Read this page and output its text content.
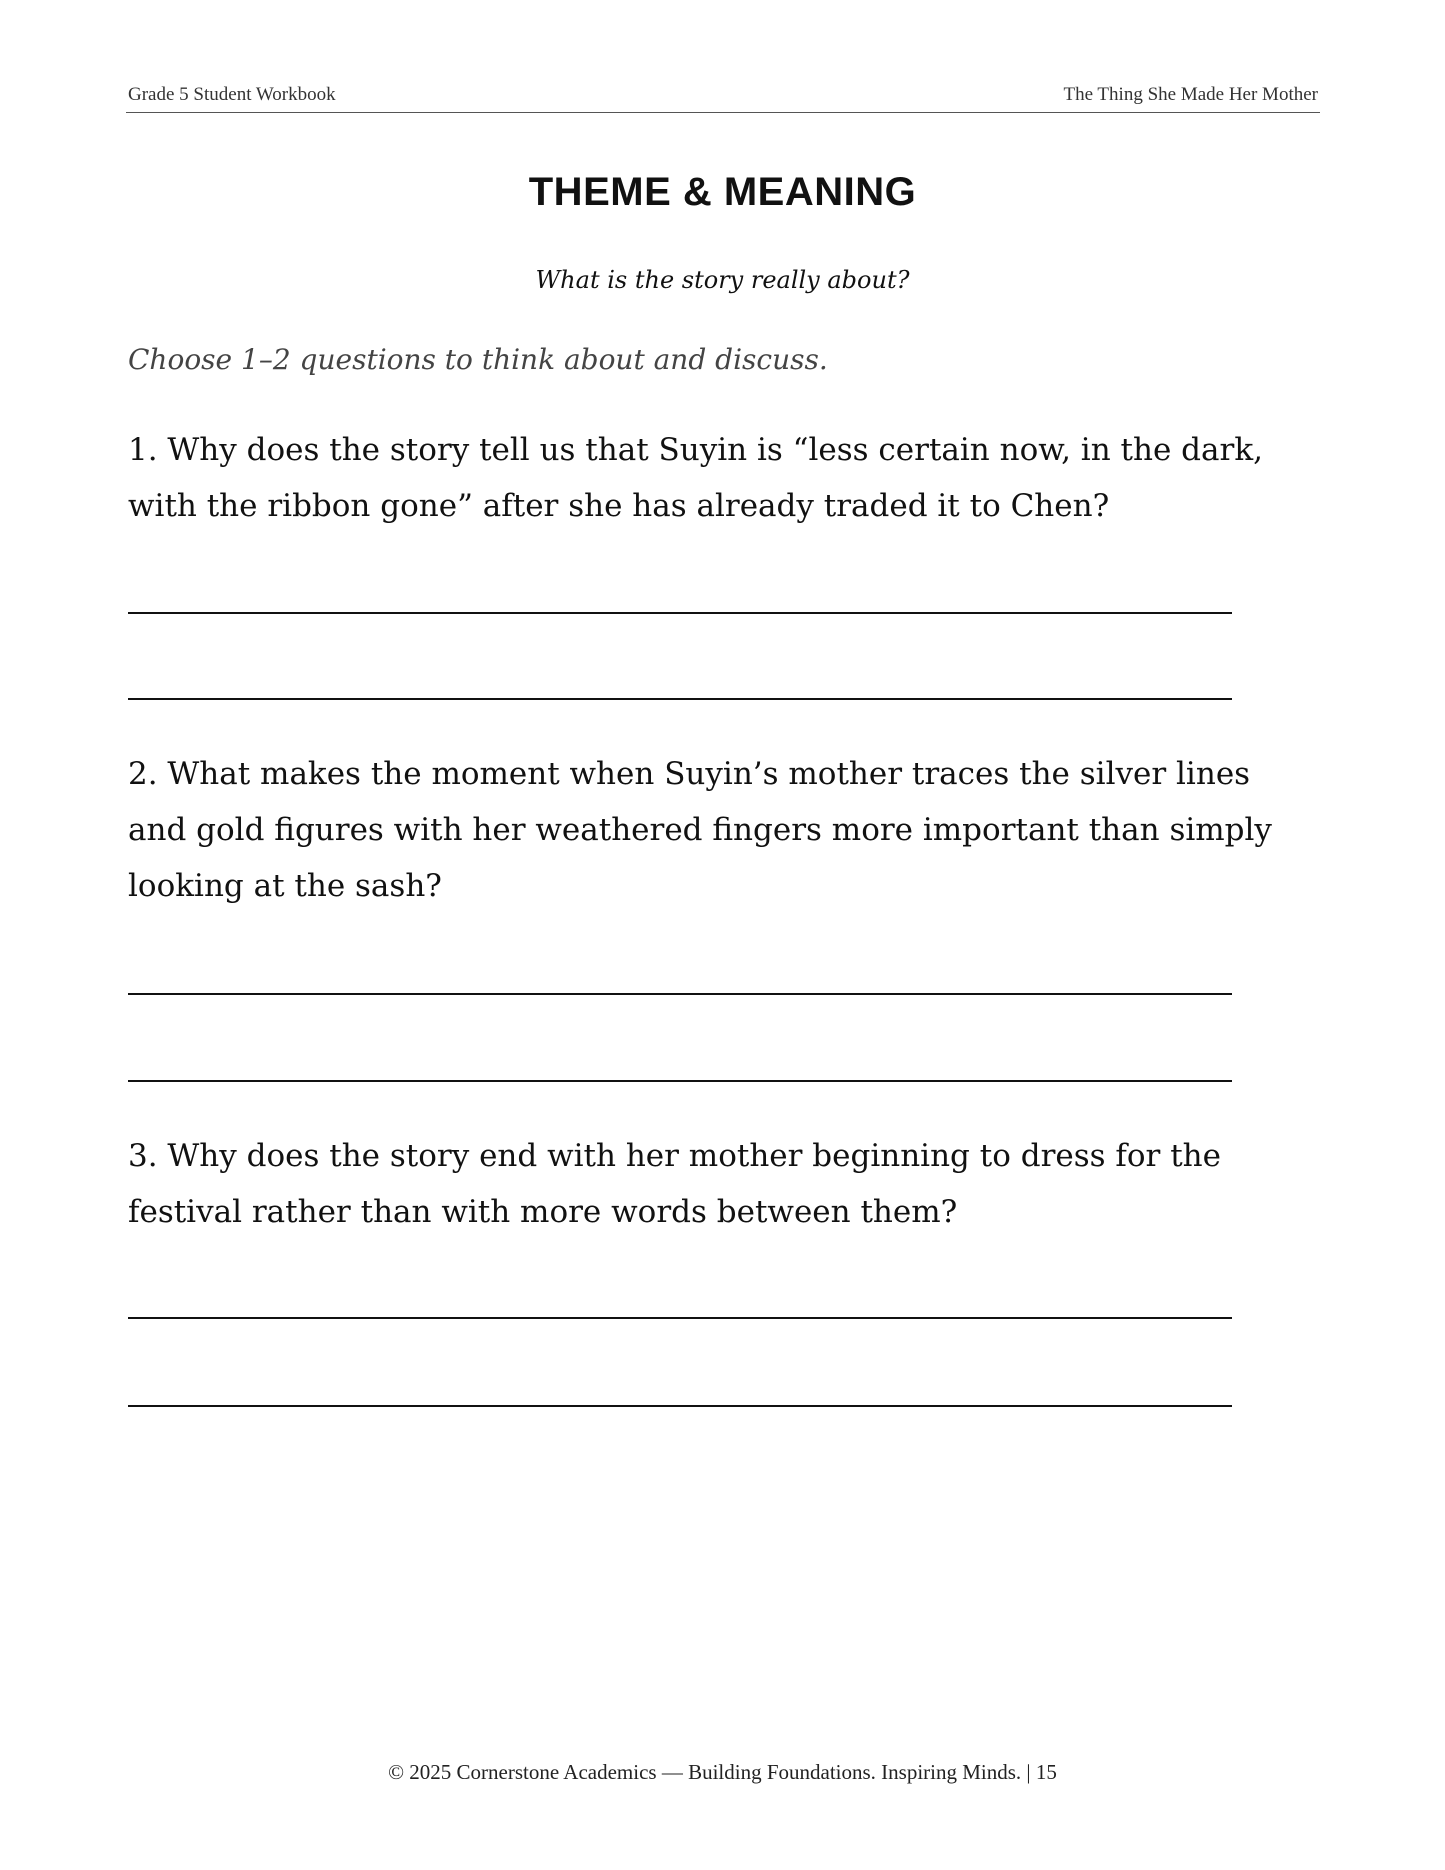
Grade 5 Student Workbook	The Thing She Made Her Mother
THEME & MEANING
What is the story really about?
Choose 1–2 questions to think about and discuss.
1. Why does the story tell us that Suyin is “less certain now, in the dark, with the ribbon gone” after she has already traded it to Chen?
2. What makes the moment when Suyin’s mother traces the silver lines and gold figures with her weathered fingers more important than simply looking at the sash?
3. Why does the story end with her mother beginning to dress for the festival rather than with more words between them?
© 2025 Cornerstone Academics — Building Foundations. Inspiring Minds. | 15
